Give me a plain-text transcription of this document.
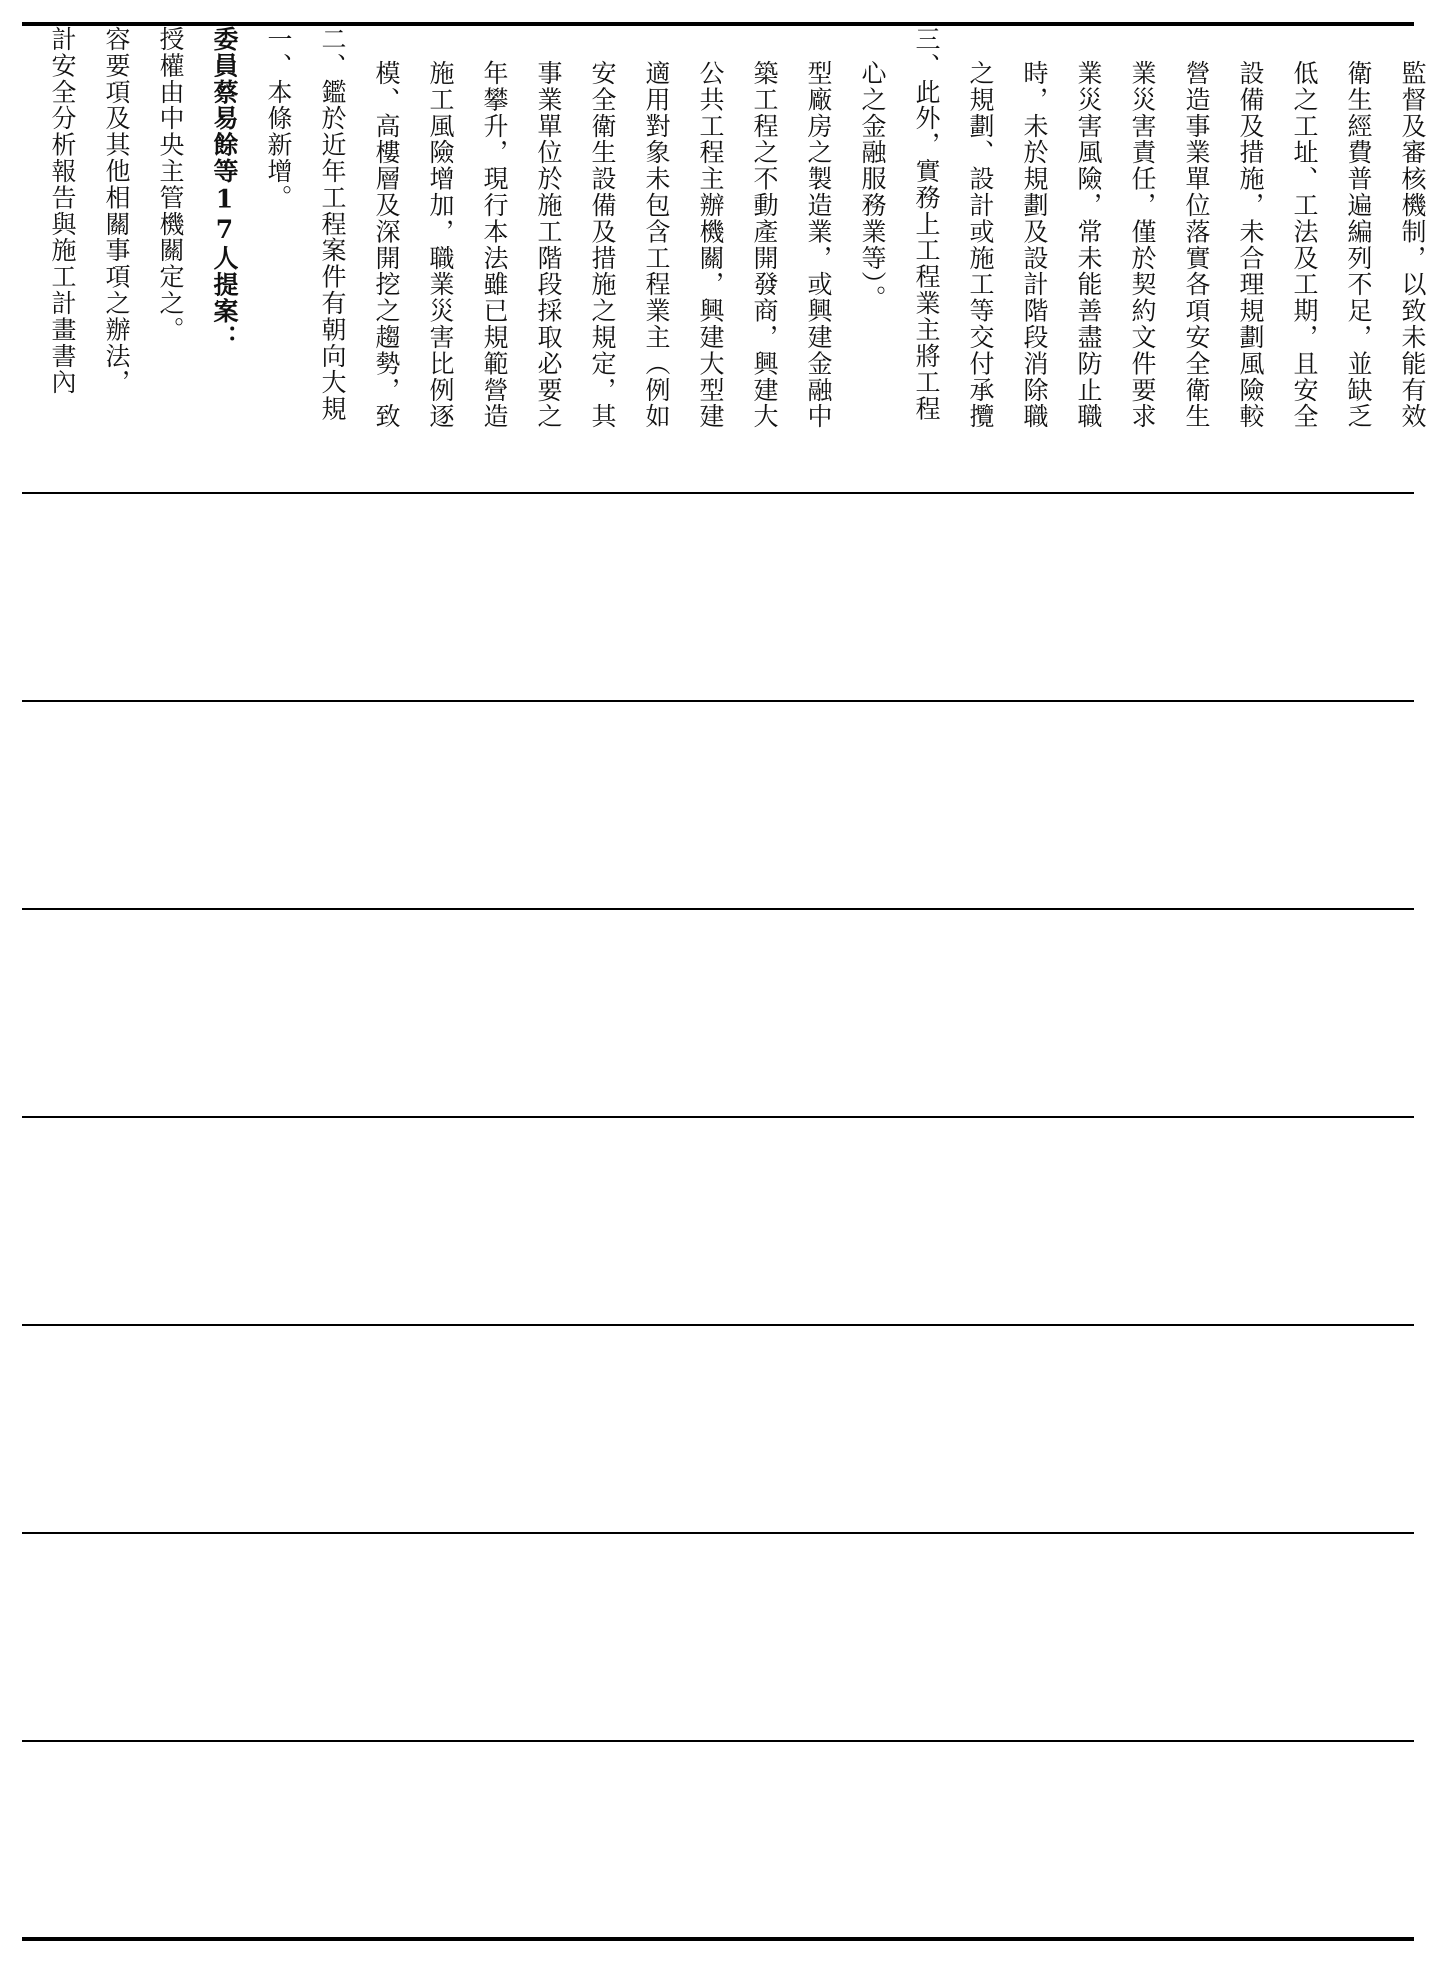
計安全分析報告與施工計畫書內 容要項及其他相關事項之辦法， 授權由中央主管機關定之。 委員蔡易餘等17人提案： 一、本條新增。 二、鑑於近年工程案件有朝向大規 模、高樓層及深開挖之趨勢，致 施工風險增加，職業災害比例逐 年攀升，現行本法雖已規範營造 事業單位於施工階段採取必要之 安全衛生設備及措施之規定，其 適用對象未包含工程業主（例如 公共工程主辦機關，興建大型建 築工程之不動產開發商，興建大 型廠房之製造業，或興建金融中 心之金融服務業等）。 三、此外，實務上工程業主將工程 之規劃、設計或施工等交付承攬 時，未於規劃及設計階段消除職 業災害風險，常未能善盡防止職 業災害責任，僅於契約文件要求 營造事業單位落實各項安全衛生 設備及措施，未合理規劃風險較 低之工址、工法及工期，且安全 衛生經費普遍編列不足，並缺乏 監督及審核機制，以致未能有效
